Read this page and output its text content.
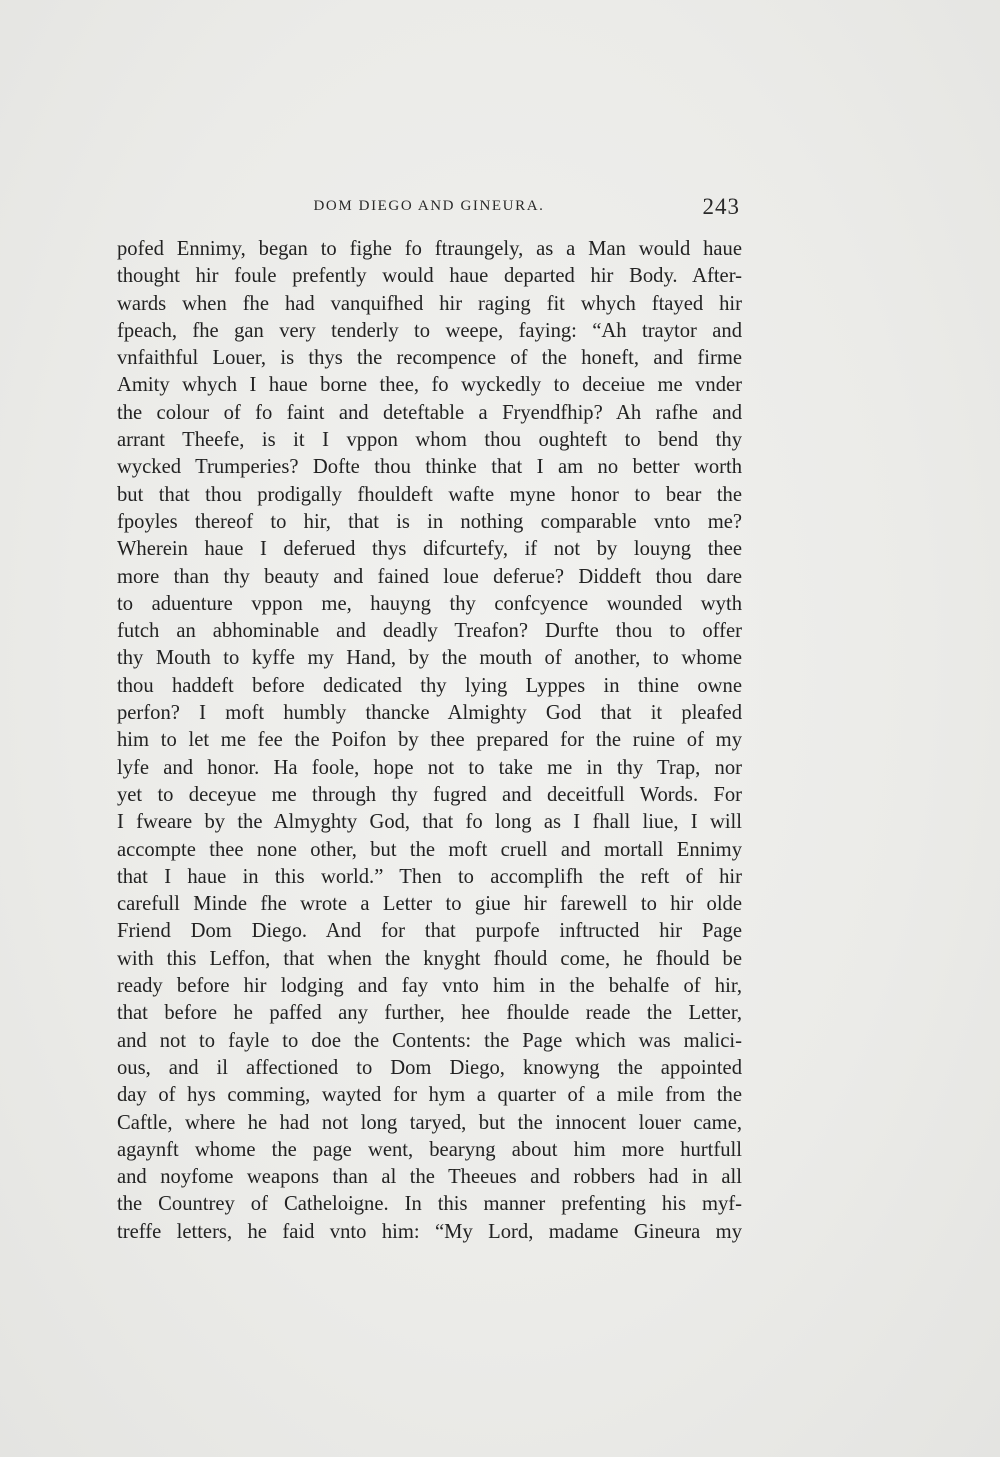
DOM DIEGO AND GINEURA.	243
pofed Ennimy, began to fighe fo ftraungely, as a Man would haue
thought hir foule prefently would haue departed hir Body. After-
wards when fhe had vanquifhed hir raging fit whych ftayed hir
fpeach, fhe gan very tenderly to weepe, faying: “Ah traytor and
vnfaithful Louer, is thys the recompence of the honeft, and firme
Amity whych I haue borne thee, fo wyckedly to deceiue me vnder
the colour of fo faint and deteftable a Fryendfhip? Ah rafhe and
arrant Theefe, is it I vppon whom thou oughteft to bend thy
wycked Trumperies? Dofte thou thinke that I am no better worth
but that thou prodigally fhouldeft wafte myne honor to bear the
fpoyles thereof to hir, that is in nothing comparable vnto me?
Wherein haue I deferued thys difcurtefy, if not by louyng thee
more than thy beauty and fained loue deferue? Diddeft thou dare
to aduenture vppon me, hauyng thy confcyence wounded wyth
futch an abhominable and deadly Treafon? Durfte thou to offer
thy Mouth to kyffe my Hand, by the mouth of another, to whome
thou haddeft before dedicated thy lying Lyppes in thine owne
perfon? I moft humbly thancke Almighty God that it pleafed
him to let me fee the Poifon by thee prepared for the ruine of my
lyfe and honor. Ha foole, hope not to take me in thy Trap, nor
yet to deceyue me through thy fugred and deceitfull Words. For
I fweare by the Almyghty God, that fo long as I fhall liue, I will
accompte thee none other, but the moft cruell and mortall Ennimy
that I haue in this world.” Then to accomplifh the reft of hir
carefull Minde fhe wrote a Letter to giue hir farewell to hir olde
Friend Dom Diego. And for that purpofe inftructed hir Page
with this Leffon, that when the knyght fhould come, he fhould be
ready before hir lodging and fay vnto him in the behalfe of hir,
that before he paffed any further, hee fhoulde reade the Letter,
and not to fayle to doe the Contents: the Page which was malici-
ous, and il affectioned to Dom Diego, knowyng the appointed
day of hys comming, wayted for hym a quarter of a mile from the
Caftle, where he had not long taryed, but the innocent louer came,
agaynft whome the page went, bearyng about him more hurtfull
and noyfome weapons than al the Theeues and robbers had in all
the Countrey of Catheloigne. In this manner prefenting his myf-
treffe letters, he faid vnto him: “My Lord, madame Gineura my
